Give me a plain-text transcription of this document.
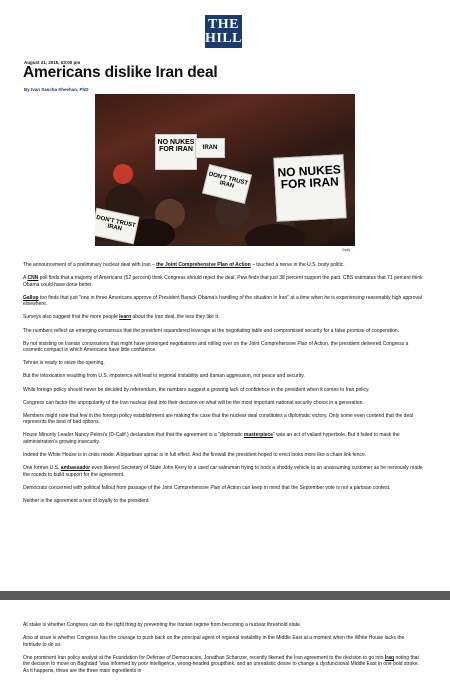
THE
HILL
August 21, 2015, 03:00 pm
Americans dislike Iran deal
By Ivan Sascha Sheehan, PhD
NO NUKES FOR IRAN
NO NUKES FOR IRAN
DON'T TRUST IRAN
DON'T TRUST IRAN
IRAN
Getty

The announcement of a preliminary nuclear deal with Iran – the Joint Comprehensive Plan of Action – touched a nerve in the U.S. body politic.

A CNN poll finds that a majority of Americans (52 percent) think Congress should reject the deal. Pew finds that just 38 percent support the pact. CBS estimates that 71 percent think Obama could have done better.

Gallup too finds that just "one in three Americans approve of President Barack Obama's handling of the situation in Iran" at a time when he is experiencing reasonably high approval elsewhere.

Surveys also suggest that the more people learn about the Iran deal, the less they like it.

The numbers reflect an emerging consensus that the president squandered leverage at the negotiating table and compromised security for a false promise of cooperation.

By not insisting on Iranian concessions that might have prolonged negotiations and rolling over on the Joint Comprehensive Plan of Action, the president delivered Congress a cosmetic compact in which Americans have little confidence.

Tehran is ready to seize the opening.

But the intoxication resulting from U.S. impotence will lead to regional instability and Iranian aggression, not peace and security.

While foreign policy should never be decided by referendum, the numbers suggest a growing lack of confidence in the president when it comes to Iran policy.

Congress can factor the unpopularity of the Iran nuclear deal into their decision on what will be the most important national security choice in a generation.

Members might note that few in the foreign policy establishment are making the case that the nuclear deal constitutes a diplomatic victory. Only some even contend that the deal represents the best of bad options.

House Minority Leader Nancy Pelosi's (D-Calif.) declaration that that the agreement is a "diplomatic masterpiece" was an act of valiant hyperbole. But it failed to mask the administration's growing insecurity.

Indeed the White House is in crisis mode. A bipartisan uproar is in full effect. And the firewall the president hoped to erect looks more like a chain link fence.

One former U.S. ambassador even likened Secretary of State John Kerry to a used car salesman trying to hock a shoddy vehicle to an unassuming customer as he nervously made the rounds to build support for the agreement.

Democrats concerned with political fallout from passage of the Joint Comprehensive Plan of Action can keep in mind that the September vote is not a partisan contest.

Neither is the agreement a test of loyalty to the president.

At stake is whether Congress can do the right thing by preventing the Iranian regime from becoming a nuclear threshold state.

Also at issue is whether Congress has the courage to push back on the principal agent of regional instability in the Middle East at a moment when the White House lacks the fortitude to do so.

One prominent Iran policy analyst at the Foundation for Defense of Democracies, Jonathan Schanzer, recently likened the Iran agreement to the decision to go into Iraq noting that the decision to move on Baghdad "was informed by poor intelligence, wrong-headed groupthink, and an unrealistic desire to change a dysfunctional Middle East in one bold stroke. As it happens, these are the three main ingredients in
